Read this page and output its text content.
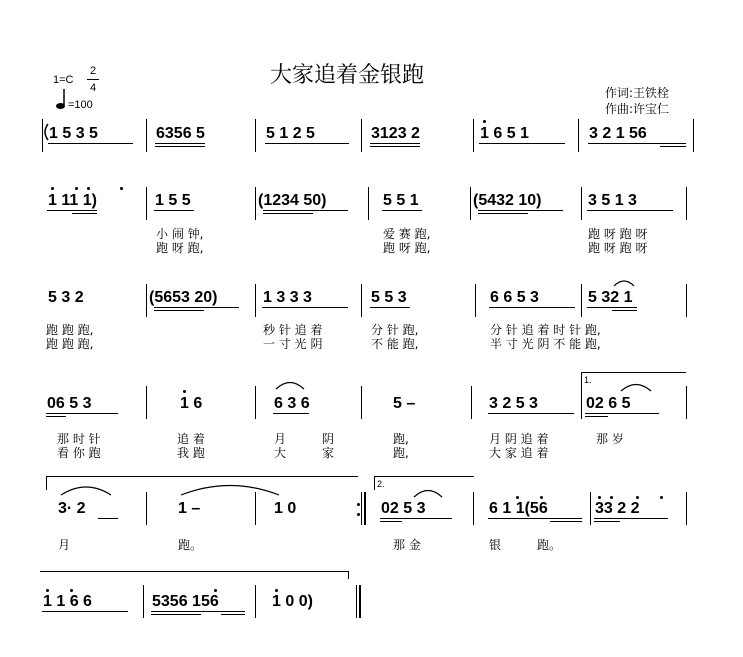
大家追着金银跑
1=C
2
4
=100
作词:王铁栓
作曲:许宝仁
1 5 3 5	6356 5	5 1 2 5	3123 2	1 6 5 1	3 2 1 56
1 11 1)	1 5 5	(1234 50)	5 5 1	(5432 10)	3 5 1 3
小 闹 钟,	爱 赛 跑,	跑 呀 跑 呀
跑 呀 跑,	跑 呀 跑,	跑 呀 跑 呀
5 3 2	(5653 20)	1 3 3 3	5 5 3	6 6 5 3	5 32 1
跑 跑 跑,	秒 针 追 着	分 针 跑,	分 针 追 着 时 针 跑,
跑 跑 跑,	一 寸 光 阴	不 能 跑,	半 寸 光 阴 不 能 跑,
06 5 3	1 6	6 3 6	5 –	3 2 5 3
1.
02 6 5
那 时 针	追 着	月	阴	跑,	月 阴 追 着	那 岁
看 你 跑	我 跑	大	家	跑,	大 家 追 着
3· 2	1 –	1 0
2.
02 5 3	6 1 1(56	33 2 2
月	跑。	那 金	银	跑。
1 1 6 6	5356 156	1 0 0)
